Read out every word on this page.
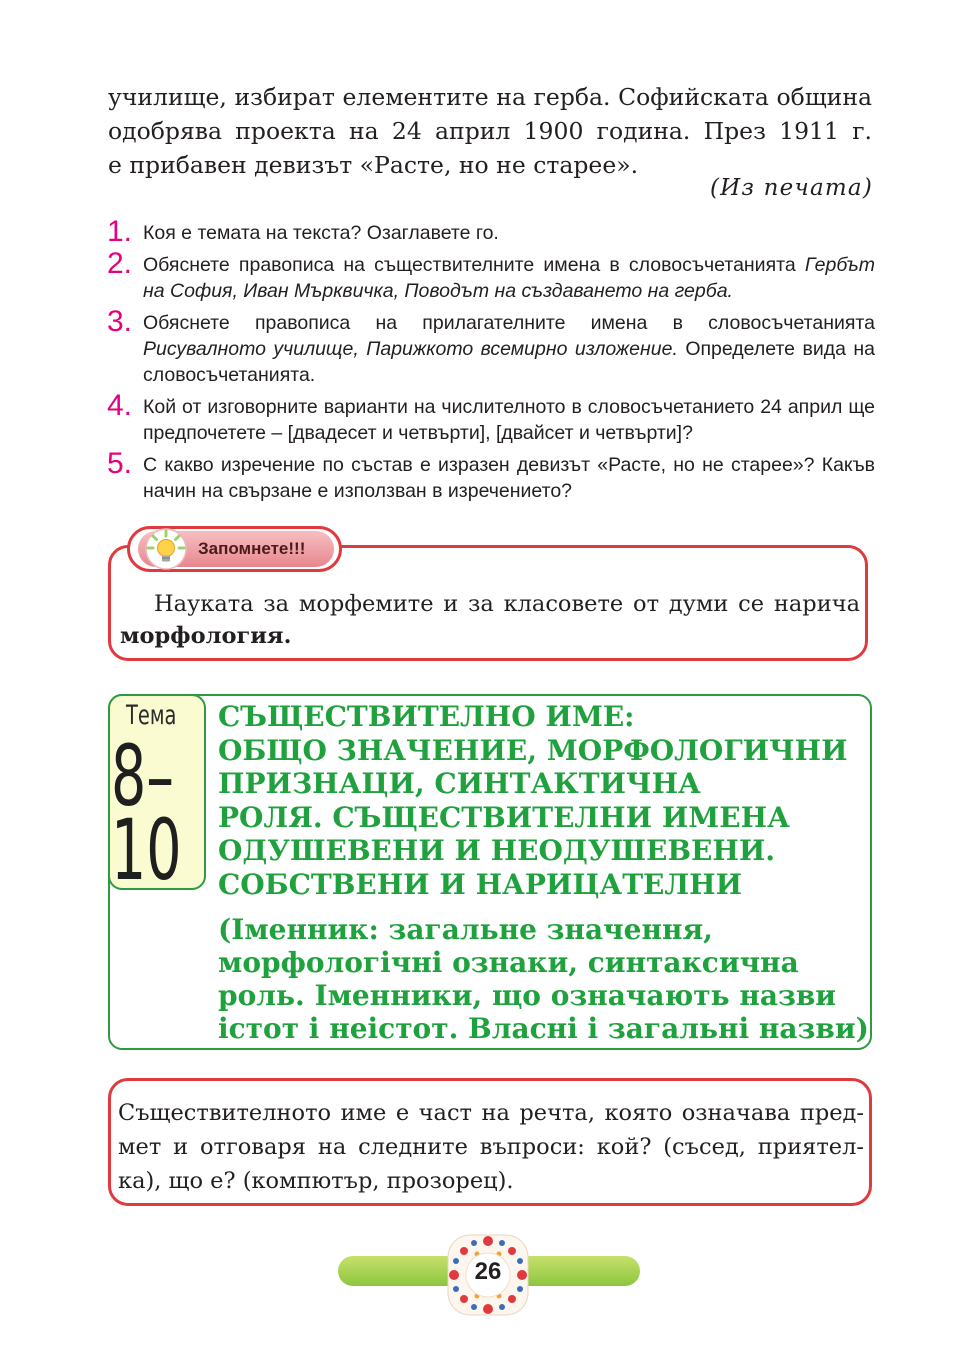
училище, избират елементите на герба. Софийската община
одобрява проекта на 24 април 1900 година. През 1911 г.
е прибавен девизът «Расте, но не старее».
(Из печата)
1. Коя е темата на текста? Озаглавете го.
2. Обяснете правописа на съществителните имена в словосъчетанията Гербът на София, Иван Мърквичка, Поводът на създаването на герба.
3. Обяснете правописа на прилагателните имена в словосъчетанията Рисувалното училище, Парижкото всемирно изложение. Определете вида на словосъчетанията.
4. Кой от изговорните варианти на числителното в словосъчетанието 24 април ще предпочетете – [двадесет и четвърти], [двайсет и четвърти]?
5. С какво изречение по състав е изразен девизът «Расте, но не старее»? Какъв начин на свързане е използван в изречението?
Запомнете!!!
Науката за морфемите и за класовете от думи се нарича
морфология.
Тема
8–
10
СЪЩЕСТВИТЕЛНО ИМЕ:
ОБЩО ЗНАЧЕНИЕ, МОРФОЛОГИЧНИ
ПРИЗНАЦИ, СИНТАКТИЧНА
РОЛЯ. СЪЩЕСТВИТЕЛНИ ИМЕНА
ОДУШЕВЕНИ И НЕОДУШЕВЕНИ.
СОБСТВЕНИ И НАРИЦАТЕЛНИ
(Іменник: загальне значення,
морфологічні ознаки, синтаксична
роль. Іменники, що означають назви
істот і неістот. Власні і загальні назви)
Съществителното име е част на речта, която означава пред-
мет и отговаря на следните въпроси: кой? (съсед, приятел-
ка), що е? (компютър, прозорец).
26
